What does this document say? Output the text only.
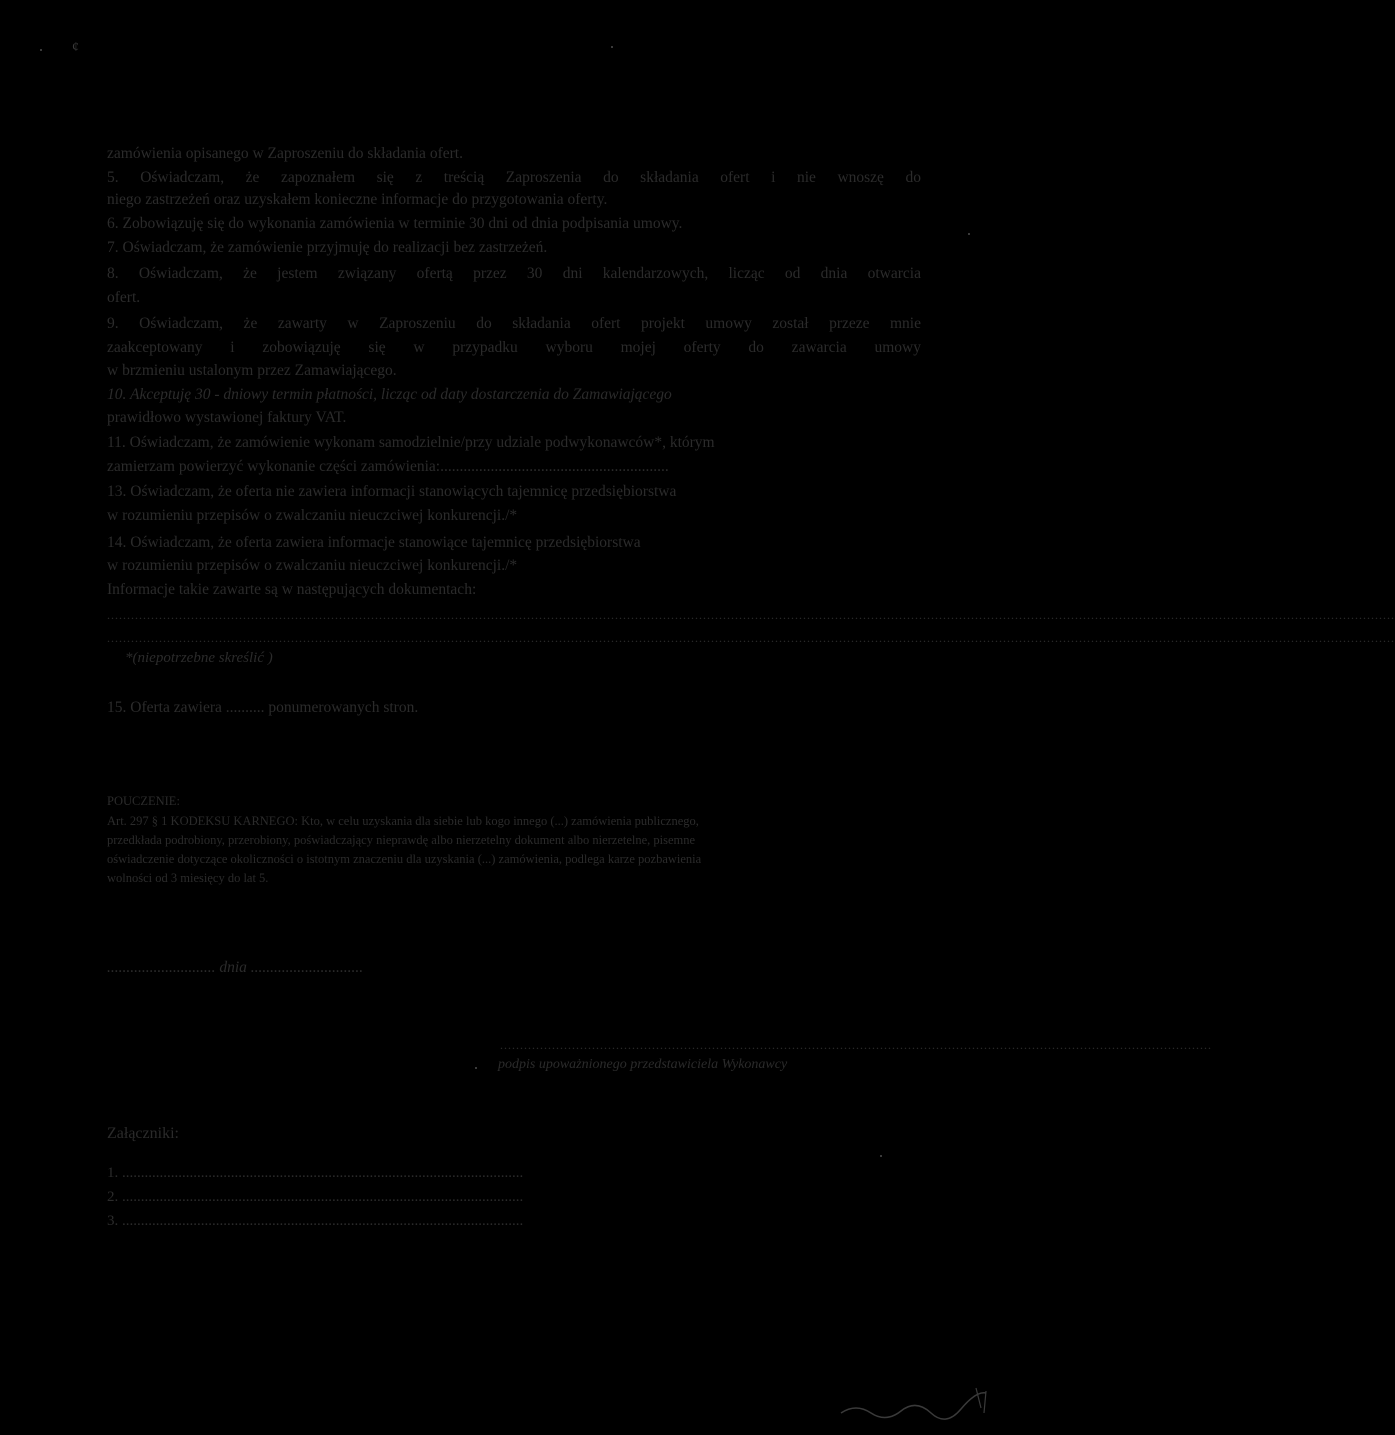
¢
zamówienia opisanego w Zaproszeniu do składania ofert.
5. Oświadczam, że zapoznałem się z treścią Zaproszenia do składania ofert i nie wnoszę do
niego zastrzeżeń oraz uzyskałem konieczne informacje do przygotowania oferty.
6. Zobowiązuję się do wykonania zamówienia w terminie 30 dni od dnia podpisania umowy.
7. Oświadczam, że zamówienie przyjmuję do realizacji bez zastrzeżeń.
8. Oświadczam, że jestem związany ofertą przez 30 dni kalendarzowych, licząc od dnia otwarcia
ofert.
9. Oświadczam, że zawarty w Zaproszeniu do składania ofert projekt umowy został przeze mnie
zaakceptowany i zobowiązuję się w przypadku wyboru mojej oferty do zawarcia umowy
w brzmieniu ustalonym przez Zamawiającego.
10. Akceptuję 30 - dniowy termin płatności, licząc od daty dostarczenia do Zamawiającego
prawidłowo wystawionej faktury VAT.
11. Oświadczam, że zamówienie wykonam samodzielnie/przy udziale podwykonawców*, którym
zamierzam powierzyć wykonanie części zamówienia:...........................................................
13. Oświadczam, że oferta nie zawiera informacji stanowiących tajemnicę przedsiębiorstwa
w rozumieniu przepisów o zwalczaniu nieuczciwej konkurencji./*
14. Oświadczam, że oferta zawiera informacje stanowiące tajemnicę przedsiębiorstwa
w rozumieniu przepisów o zwalczaniu nieuczciwej konkurencji./*
Informacje takie zawarte są w następujących dokumentach:
..................................................................................................................................................................................................................................................................................................................................
..................................................................................................................................................................................................................................................................................................................................
*(niepotrzebne skreślić )
15. Oferta zawiera .......... ponumerowanych stron.
POUCZENIE:
Art. 297 § 1 KODEKSU KARNEGO: Kto, w celu uzyskania dla siebie lub kogo innego (...) zamówienia publicznego,
przedkłada podrobiony, przerobiony, poświadczający nieprawdę albo nierzetelny dokument albo nierzetelne, pisemne
oświadczenie dotyczące okoliczności o istotnym znaczeniu dla uzyskania (...) zamówienia, podlega karze pozbawienia
wolności od 3 miesięcy do lat 5.
............................ dnia .............................
..................................................................................................................................................................................
podpis upoważnionego przedstawiciela Wykonawcy
Załączniki:
1. ...........................................................................................................
2. ...........................................................................................................
3. ...........................................................................................................
